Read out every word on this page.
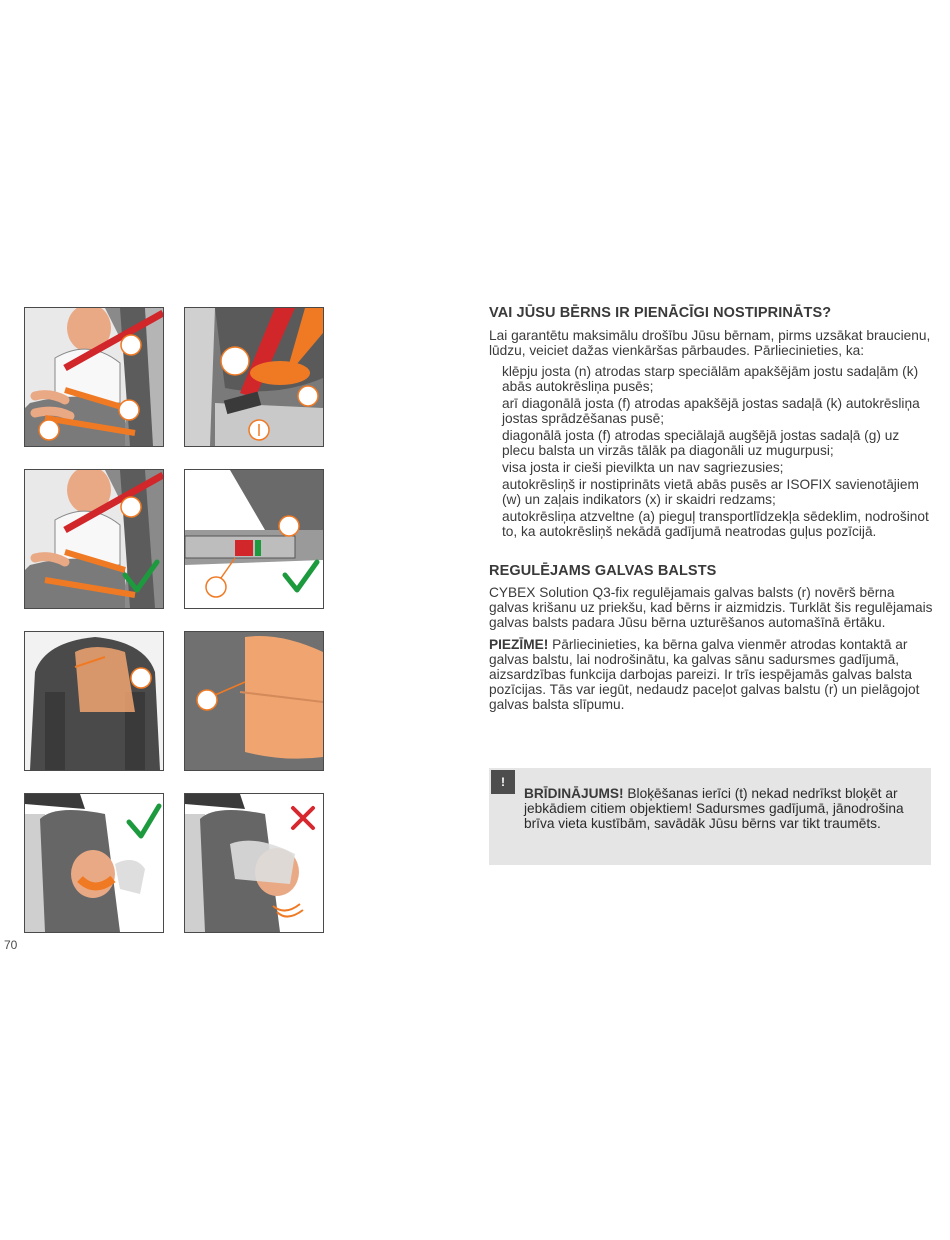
70
VAI JŪSU BĒRNS IR PIENĀCĪGI NOSTIPRINĀTS?

Lai garantētu maksimālu drošību Jūsu bērnam, pirms uzsākat braucienu, lūdzu, veiciet dažas vienkāršas pārbaudes. Pārliecinieties, ka:

klēpju josta (n) atrodas starp speciālām apakšējām jostu sadaļām (k) abās autokrēsliņa pusēs;
arī diagonālā josta (f) atrodas apakšējā jostas sadaļā (k) autokrēsliņa jostas sprādzēšanas pusē;
diagonālā josta (f) atrodas speciālajā augšējā jostas sadaļā (g) uz plecu balsta un virzās tālāk pa diagonāli uz mugurpusi;
visa josta ir cieši pievilkta un nav sagriezusies;
autokrēsliņš ir nostiprināts vietā abās pusēs ar ISOFIX savienotājiem (w) un zaļais indikators (x) ir skaidri redzams;
autokrēsliņa atzveltne (a) pieguļ transportlīdzekļa sēdeklim, nodrošinot to, ka autokrēsliņš nekādā gadījumā neatrodas guļus pozīcijā.
REGULĒJAMS GALVAS BALSTS

CYBEX Solution Q3-fix regulējamais galvas balsts (r) novērš bērna galvas krišanu uz priekšu, kad bērns ir aizmidzis. Turklāt šis regulējamais galvas balsts padara Jūsu bērna uzturēšanos automašīnā ērtāku.

PIEZĪME! Pārliecinieties, ka bērna galva vienmēr atrodas kontaktā ar galvas balstu, lai nodrošinātu, ka galvas sānu sadursmes gadījumā, aizsardzības funkcija darbojas pareizi. Ir trīs iespējamās galvas balsta pozīcijas. Tās var iegūt, nedaudz paceļot galvas balstu (r) un pielāgojot galvas balsta slīpumu.

!
BRĪDINĀJUMS! Bloķēšanas ierīci (t) nekad nedrīkst bloķēt ar jebkādiem citiem objektiem! Sadursmes gadījumā, jānodrošina brīva vieta kustībām, savādāk Jūsu bērns var tikt traumēts.
